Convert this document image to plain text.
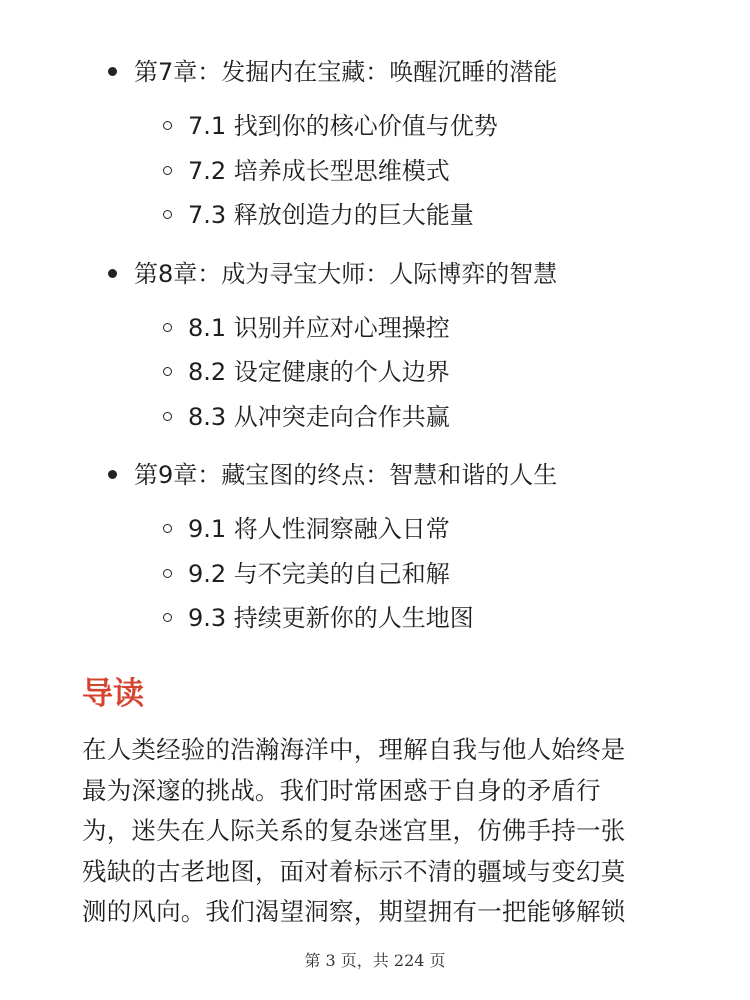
第7章：发掘内在宝藏：唤醒沉睡的潜能
7.1 找到你的核心价值与优势
7.2 培养成长型思维模式
7.3 释放创造力的巨大能量
第8章：成为寻宝大师：人际博弈的智慧
8.1 识别并应对心理操控
8.2 设定健康的个人边界
8.3 从冲突走向合作共赢
第9章：藏宝图的终点：智慧和谐的人生
9.1 将人性洞察融入日常
9.2 与不完美的自己和解
9.3 持续更新你的人生地图
导读
在人类经验的浩瀚海洋中，理解自我与他人始终是
最为深邃的挑战。我们时常困惑于自身的矛盾行
为，迷失在人际关系的复杂迷宫里，仿佛手持一张
残缺的古老地图，面对着标示不清的疆域与变幻莫
测的风向。我们渴望洞察，期望拥有一把能够解锁
第 3 页，共 224 页
